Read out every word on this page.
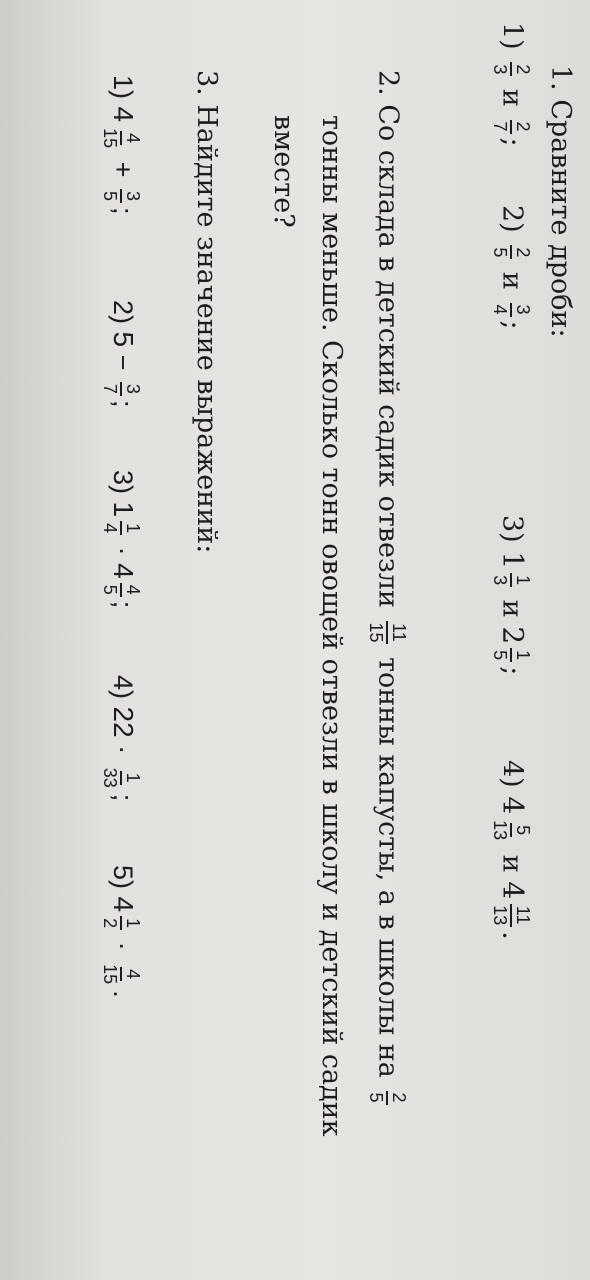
1. Сравните дроби:
1)
2
3
и
2
7
;
2)
2
5
и
3
4
;
3) 1
1
3
и 2
1
5
;
4) 4
5
13
и 4
11
13
.
2. Со склада в детский садик отвезли
11
15
тонны капусты, а в школы на
2
5
тонны меньше. Сколько тонн овощей отвезли в школу и детский садик
вместе?
3. Найдите значение выражений:
1) 4
4
15
+
3
5
;
2) 5 −
3
7
;
3) 1
1
4
· 4
4
5
;
4) 22 ·
1
33
;
5) 4
1
2
·
4
15
.
